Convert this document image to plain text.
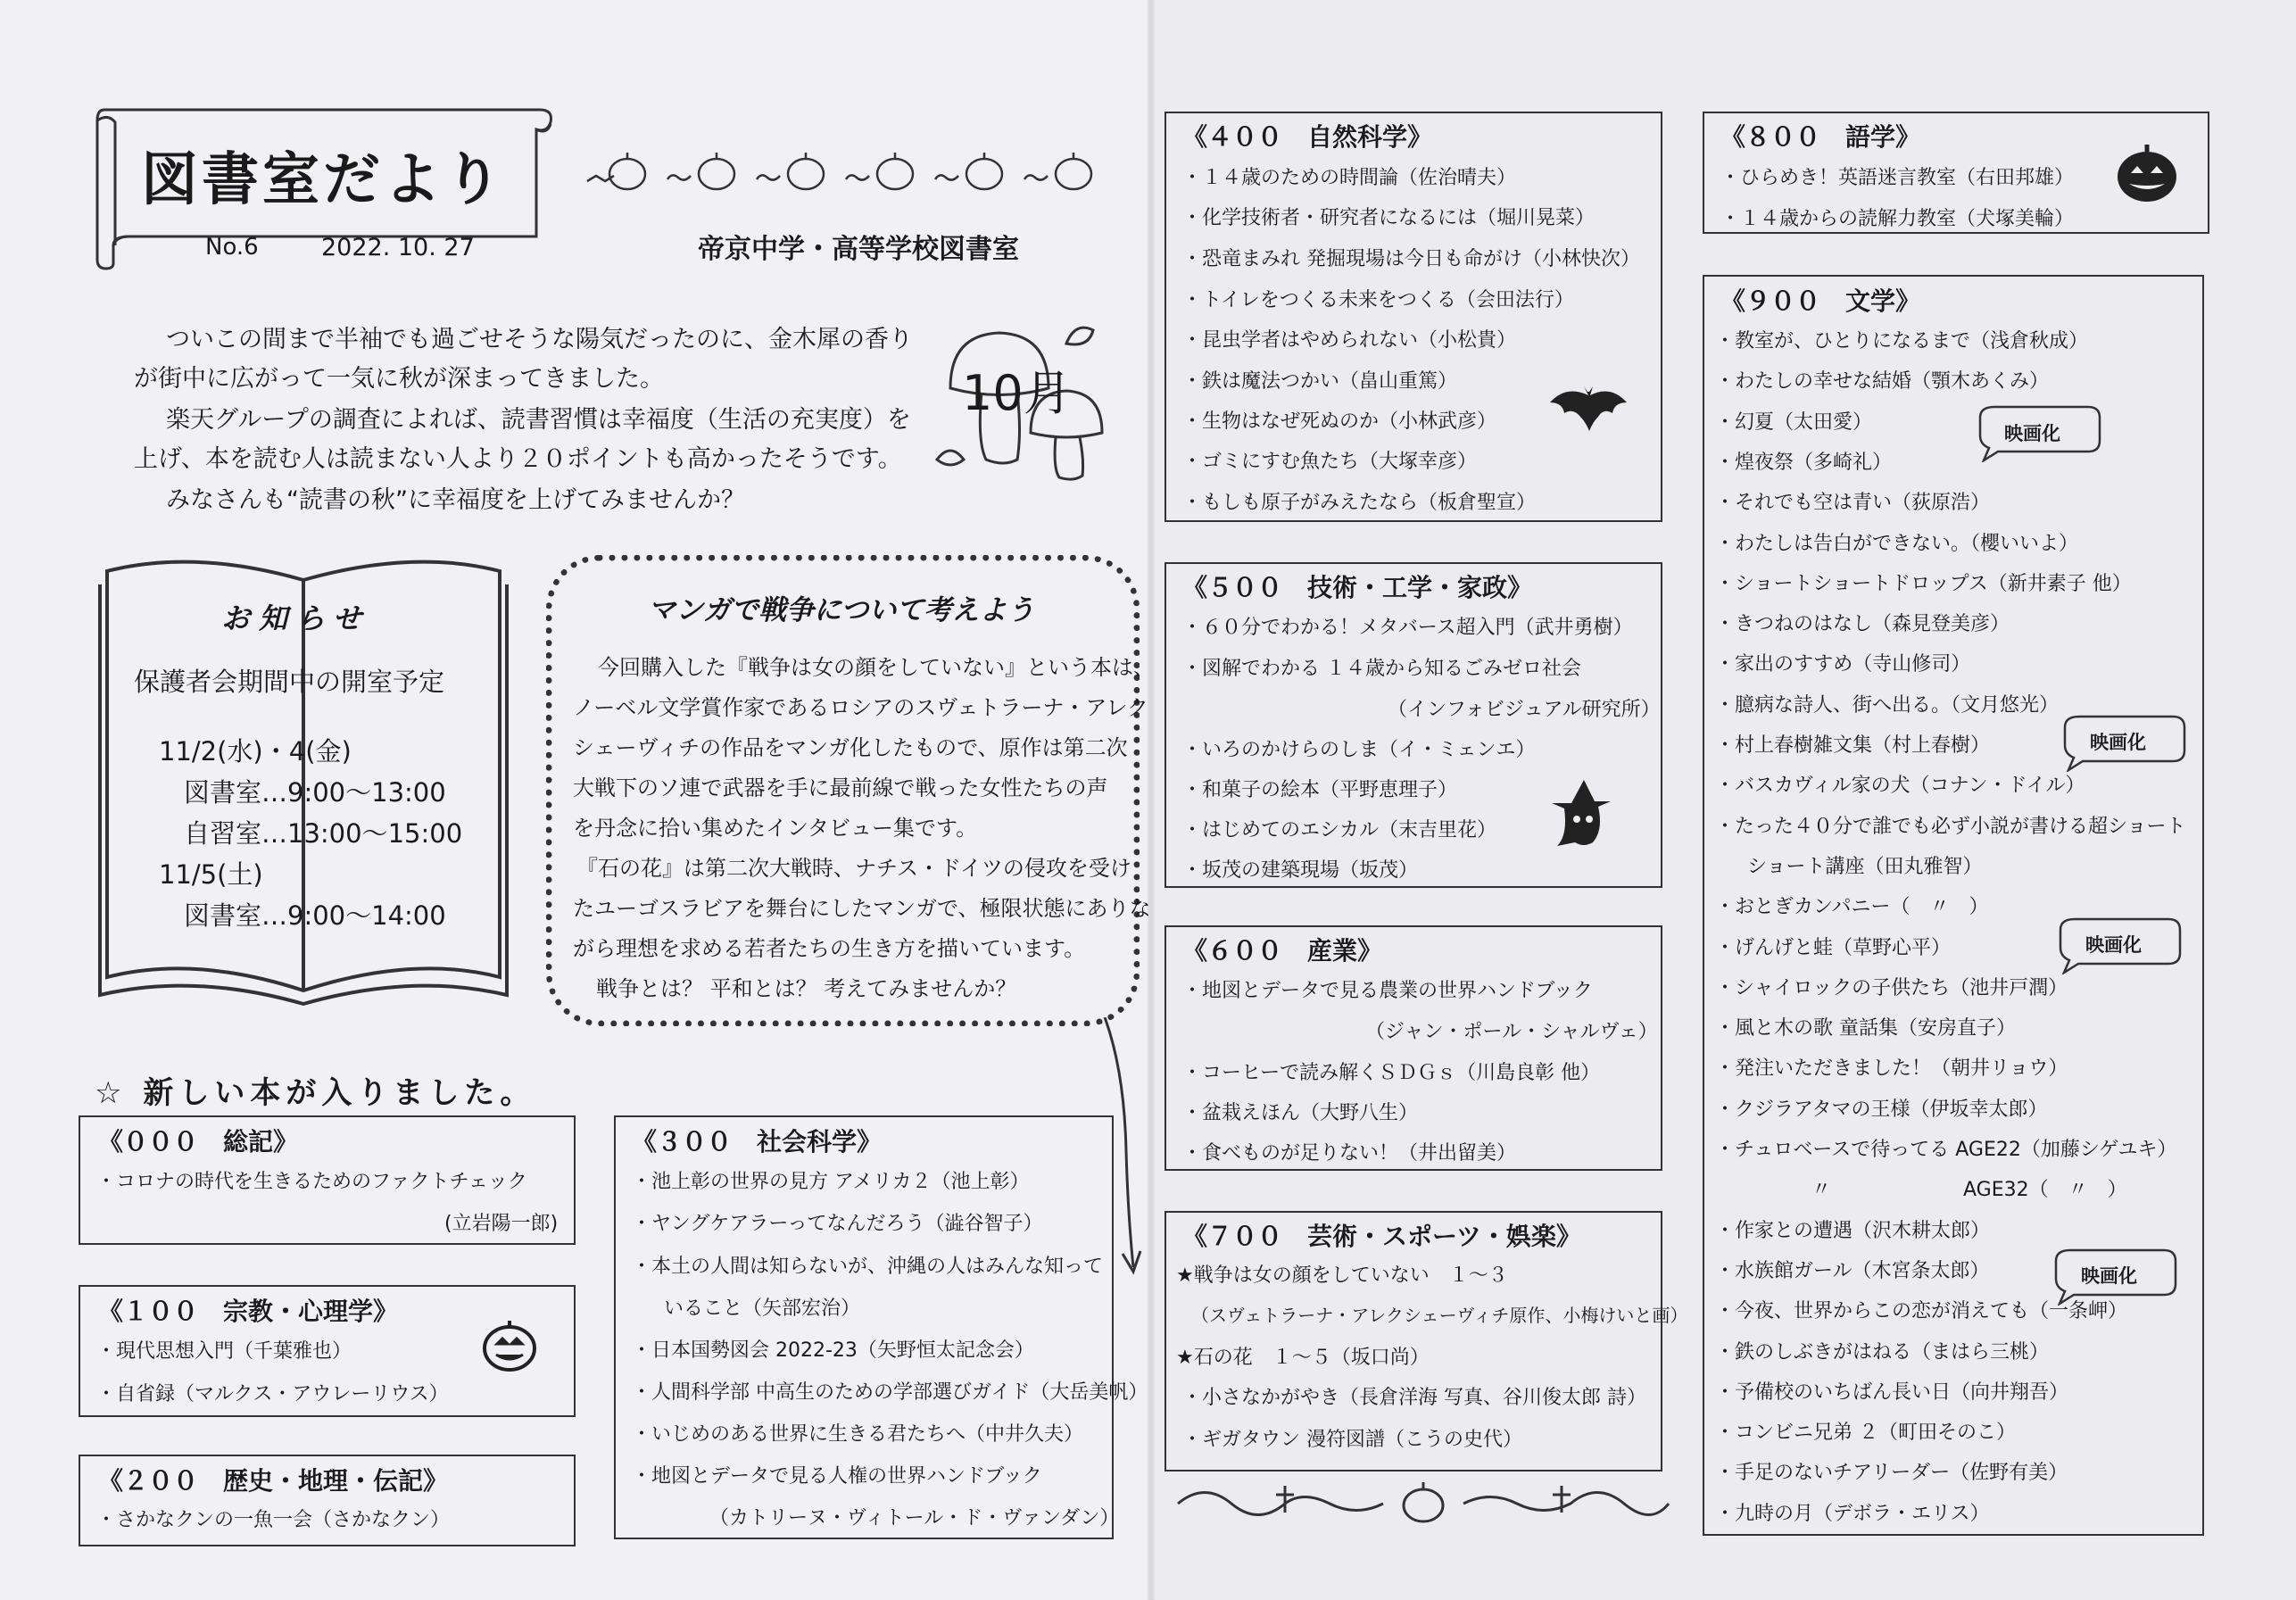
図書室だより
No.6	2022. 10. 27	帝京中学・高等学校図書室
ついこの間まで半袖でも過ごせそうな陽気だったのに、金木犀の香り
が街中に広がって一気に秋が深まってきました。
楽天グループの調査によれば、読書習慣は幸福度（生活の充実度）を
上げ、本を読む人は読まない人より２０ポイントも高かったそうです。
みなさんも“読書の秋”に幸福度を上げてみませんか？
10月
お知らせ
保護者会期間中の開室予定
11/2(水)・4(金)
図書室…9:00～13:00
自習室…13:00～15:00
11/5(土)
図書室…9:00～14:00
マンガで戦争について考えよう
今回購入した『戦争は女の顔をしていない』という本は、
ノーベル文学賞作家であるロシアのスヴェトラーナ・アレク
シェーヴィチの作品をマンガ化したもので、原作は第二次
大戦下のソ連で武器を手に最前線で戦った女性たちの声
を丹念に拾い集めたインタビュー集です。
『石の花』は第二次大戦時、ナチス・ドイツの侵攻を受け
たユーゴスラビアを舞台にしたマンガで、極限状態にありな
がら理想を求める若者たちの生き方を描いています。
戦争とは？ 平和とは？ 考えてみませんか？
☆ 新しい本が入りました。
《０００　総記》
・コロナの時代を生きるためのファクトチェック
(立岩陽一郎)
《１００　宗教・心理学》
・現代思想入門（千葉雅也）
・自省録（マルクス・アウレーリウス）
《２００　歴史・地理・伝記》
・さかなクンの一魚一会（さかなクン）
《３００　社会科学》
・池上彰の世界の見方 アメリカ２（池上彰）
・ヤングケアラーってなんだろう（澁谷智子）
・本土の人間は知らないが、沖縄の人はみんな知って
いること（矢部宏治）
・日本国勢図会 2022-23（矢野恒太記念会）
・人間科学部 中高生のための学部選びガイド（大岳美帆）
・いじめのある世界に生きる君たちへ（中井久夫）
・地図とデータで見る人権の世界ハンドブック
（カトリーヌ・ヴィトール・ド・ヴァンダン）
《４００　自然科学》
・１４歳のための時間論（佐治晴夫）
・化学技術者・研究者になるには（堀川晃菜）
・恐竜まみれ 発掘現場は今日も命がけ（小林快次）
・トイレをつくる未来をつくる（会田法行）
・昆虫学者はやめられない（小松貴）
・鉄は魔法つかい（畠山重篤）
・生物はなぜ死ぬのか（小林武彦）
・ゴミにすむ魚たち（大塚幸彦）
・もしも原子がみえたなら（板倉聖宣）
《５００　技術・工学・家政》
・６０分でわかる！メタバース超入門（武井勇樹）
・図解でわかる １４歳から知るごみゼロ社会
（インフォビジュアル研究所）
・いろのかけらのしま（イ・ミェンエ）
・和菓子の絵本（平野恵理子）
・はじめてのエシカル（末吉里花）
・坂茂の建築現場（坂茂）
《６００　産業》
・地図とデータで見る農業の世界ハンドブック
（ジャン・ポール・シャルヴェ）
・コーヒーで読み解くＳＤＧｓ（川島良彰 他）
・盆栽えほん（大野八生）
・食べものが足りない！（井出留美）
《７００　芸術・スポーツ・娯楽》
★戦争は女の顔をしていない　１～３
（スヴェトラーナ・アレクシェーヴィチ原作、小梅けいと画）
★石の花　１～５（坂口尚）
・小さなかがやき（長倉洋海 写真、谷川俊太郎 詩）
・ギガタウン 漫符図譜（こうの史代）
《８００　語学》
・ひらめき！英語迷言教室（右田邦雄）
・１４歳からの読解力教室（犬塚美輪）
《９００　文学》
・教室が、ひとりになるまで（浅倉秋成）
・わたしの幸せな結婚（顎木あくみ）
・幻夏（太田愛）
・煌夜祭（多崎礼）
・それでも空は青い（荻原浩）
・わたしは告白ができない。（櫻いいよ）
・ショートショートドロップス（新井素子 他）
・きつねのはなし（森見登美彦）
・家出のすすめ（寺山修司）
・臆病な詩人、街へ出る。（文月悠光）
・村上春樹雑文集（村上春樹）
・バスカヴィル家の犬（コナン・ドイル）
・たった４０分で誰でも必ず小説が書ける超ショート
ショート講座（田丸雅智）
・おとぎカンパニー（　〃　）
・げんげと蛙（草野心平）
・シャイロックの子供たち（池井戸潤）
・風と木の歌 童話集（安房直子）
・発注いただきました！（朝井リョウ）
・クジラアタマの王様（伊坂幸太郎）
・チュロベースで待ってる AGE22（加藤シゲユキ）
〃	AGE32（　〃　）
・作家との遭遇（沢木耕太郎）
・水族館ガール（木宮条太郎）
・今夜、世界からこの恋が消えても（一条岬）
・鉄のしぶきがはねる（まはら三桃）
・予備校のいちばん長い日（向井翔吾）
・コンビニ兄弟 ２（町田そのこ）
・手足のないチアリーダー（佐野有美）
・九時の月（デボラ・エリス）
映画化
映画化
映画化
映画化
